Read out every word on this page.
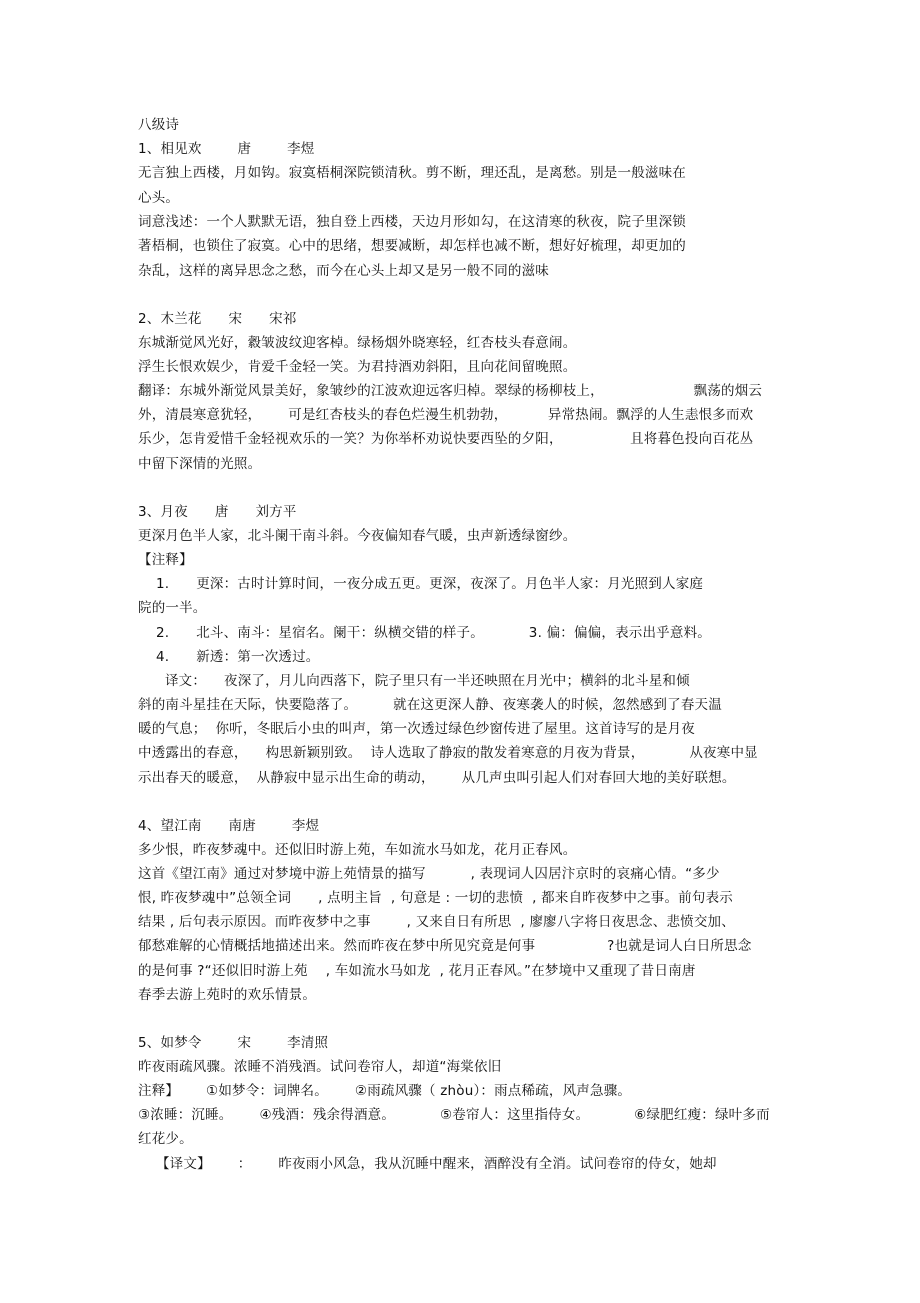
八级诗
1、相见欢        唐        李煜
无言独上西楼，月如钩。寂寞梧桐深院锁清秋。剪不断，理还乱，是离愁。别是一般滋味在
心头。
词意浅述：一个人默默无语，独自登上西楼，天边月形如勾，在这清寒的秋夜，院子里深锁
著梧桐，也锁住了寂寞。心中的思绪，想要减断，却怎样也减不断，想好好梳理，却更加的
杂乱，这样的离异思念之愁，而今在心头上却又是另一般不同的滋味
2、木兰花      宋      宋祁
东城渐觉风光好，縠皱波纹迎客棹。绿杨烟外晓寒轻，红杏枝头春意闹。
浮生长恨欢娱少，肯爱千金轻一笑。为君持酒劝斜阳，且向花间留晚照。
翻译：东城外渐觉风景美好，象皱纱的江波欢迎远客归棹。翠绿的杨柳枝上，                    飘荡的烟云
外，清晨寒意犹轻，      可是红杏枝头的春色烂漫生机勃勃，         异常热闹。飘浮的人生恚恨多而欢
乐少，怎肯爱惜千金轻视欢乐的一笑？为你举杯劝说快要西坠的夕阳，               且将暮色投向百花丛
中留下深情的光照。
3、月夜      唐      刘方平
更深月色半人家，北斗阑干南斗斜。今夜偏知春气暖，虫声新透绿窗纱。
【注释】
1.      更深：古时计算时间，一夜分成五更。更深，夜深了。月色半人家：月光照到人家庭
院的一半。
2.      北斗、南斗：星宿名。阑干：纵横交错的样子。          3. 偏：偏偏，表示出乎意料。
4.      新透：第一次透过。
译文：    夜深了，月儿向西落下，院子里只有一半还映照在月光中；横斜的北斗星和倾
斜的南斗星挂在天际，快要隐落了。        就在这更深人静、夜寒袭人的时候，忽然感到了春天温
暖的气息；  你听，冬眠后小虫的叫声，第一次透过绿色纱窗传进了屋里。这首诗写的是月夜
中透露出的春意，    构思新颖别致。  诗人选取了静寂的散发着寒意的月夜为背景，          从夜寒中显
示出春天的暖意，  从静寂中显示出生命的萌动，      从几声虫叫引起人们对春回大地的美好联想。
4、望江南      南唐        李煜
多少恨，昨夜梦魂中。还似旧时游上苑，车如流水马如龙，花月正春风。
这首《望江南》通过对梦境中游上苑情景的描写          , 表现词人囚居汴京时的哀痛心情。“多少
恨, 昨夜梦魂中”总领全词      , 点明主旨  , 句意是 : 一切的悲愤  , 都来自昨夜梦中之事。前句表示
结果 , 后句表示原因。而昨夜梦中之事        , 又来自日有所思  , 廖廖八字将日夜思念、悲愤交加、
郁愁难解的心情概括地描述出来。然而昨夜在梦中所见究竟是何事                ?也就是词人白日所思念
的是何事 ?“还似旧时游上苑    , 车如流水马如龙  , 花月正春风。”在梦境中又重现了昔日南唐
春季去游上苑时的欢乐情景。
5、如梦令        宋        李清照
昨夜雨疏风骤。浓睡不消残酒。试问卷帘人，却道“海棠依旧
注释】      ①如梦令：词牌名。      ②雨疏风骤（ zhòu）：雨点稀疏，风声急骤。
③浓睡：沉睡。      ④残酒：残余得酒意。          ⑤卷帘人：这里指侍女。          ⑥绿肥红瘦：绿叶多而
红花少。
【译文】      ：      昨夜雨小风急，我从沉睡中醒来，酒醉没有全消。试问卷帘的侍女，她却
